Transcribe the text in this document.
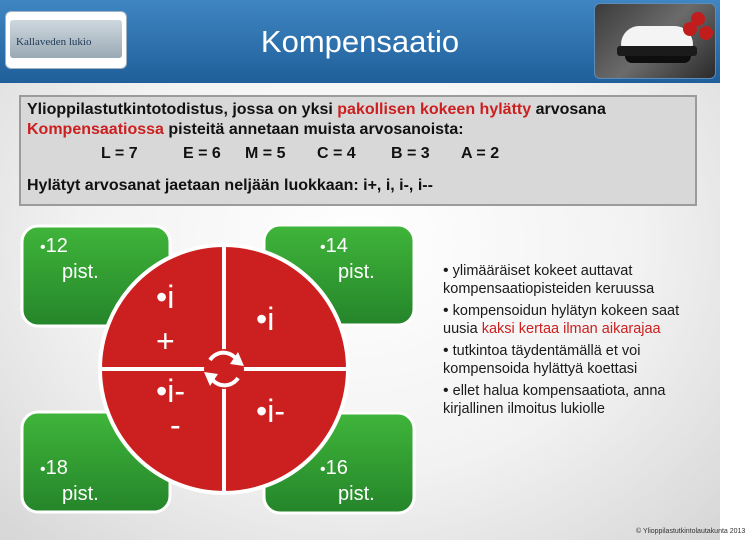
Kallaveden lukio	Kompensaatio
Ylioppilastutkintotodistus, jossa on yksi pakollisen kokeen hylätty arvosana
Kompensaatiossa pisteitä annetaan muista arvosanoista:
L = 7	E = 6 M = 5 C = 4 B = 3 A = 2
Hylätyt arvosanat jaetaan neljään luokkaan: i+, i, i-, i--
•12
pist.
•14
pist.
•18
pist.
•16
pist.
•i
+
•i
•i-
- •i-
• ylimääräiset kokeet auttavat kompensaatiopisteiden keruussa
• kompensoidun hylätyn kokeen saat uusia kaksi kertaa ilman aikarajaa
• tutkintoa täydentämällä et voi kompensoida hylättyä koettasi
• ellet halua kompensaatiota, anna kirjallinen ilmoitus lukiolle
© Ylioppilastutkintolautakunta 2013
